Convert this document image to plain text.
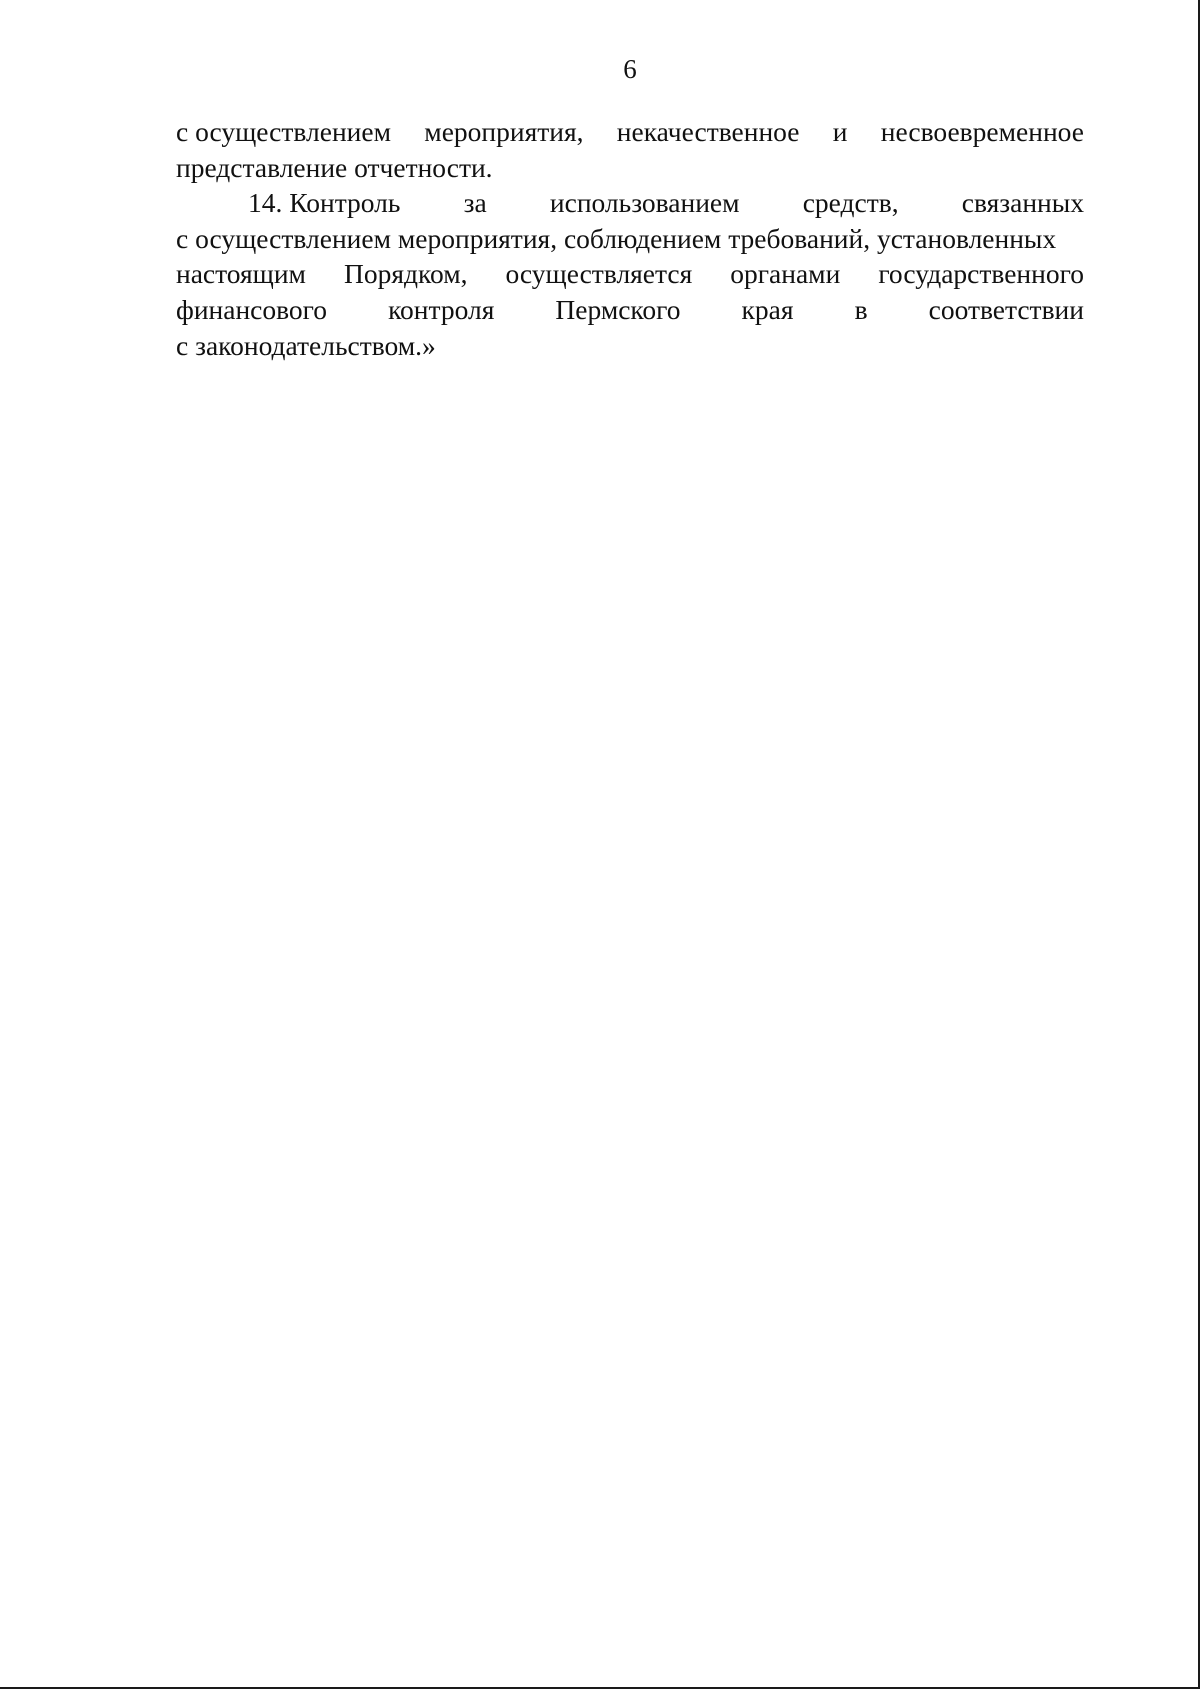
6
с осуществлением мероприятия, некачественное и несвоевременное
представление отчетности.
14. Контроль за использованием средств, связанных
с осуществлением мероприятия, соблюдением требований, установленных
настоящим Порядком, осуществляется органами государственного
финансового контроля Пермского края в соответствии
с законодательством.»
